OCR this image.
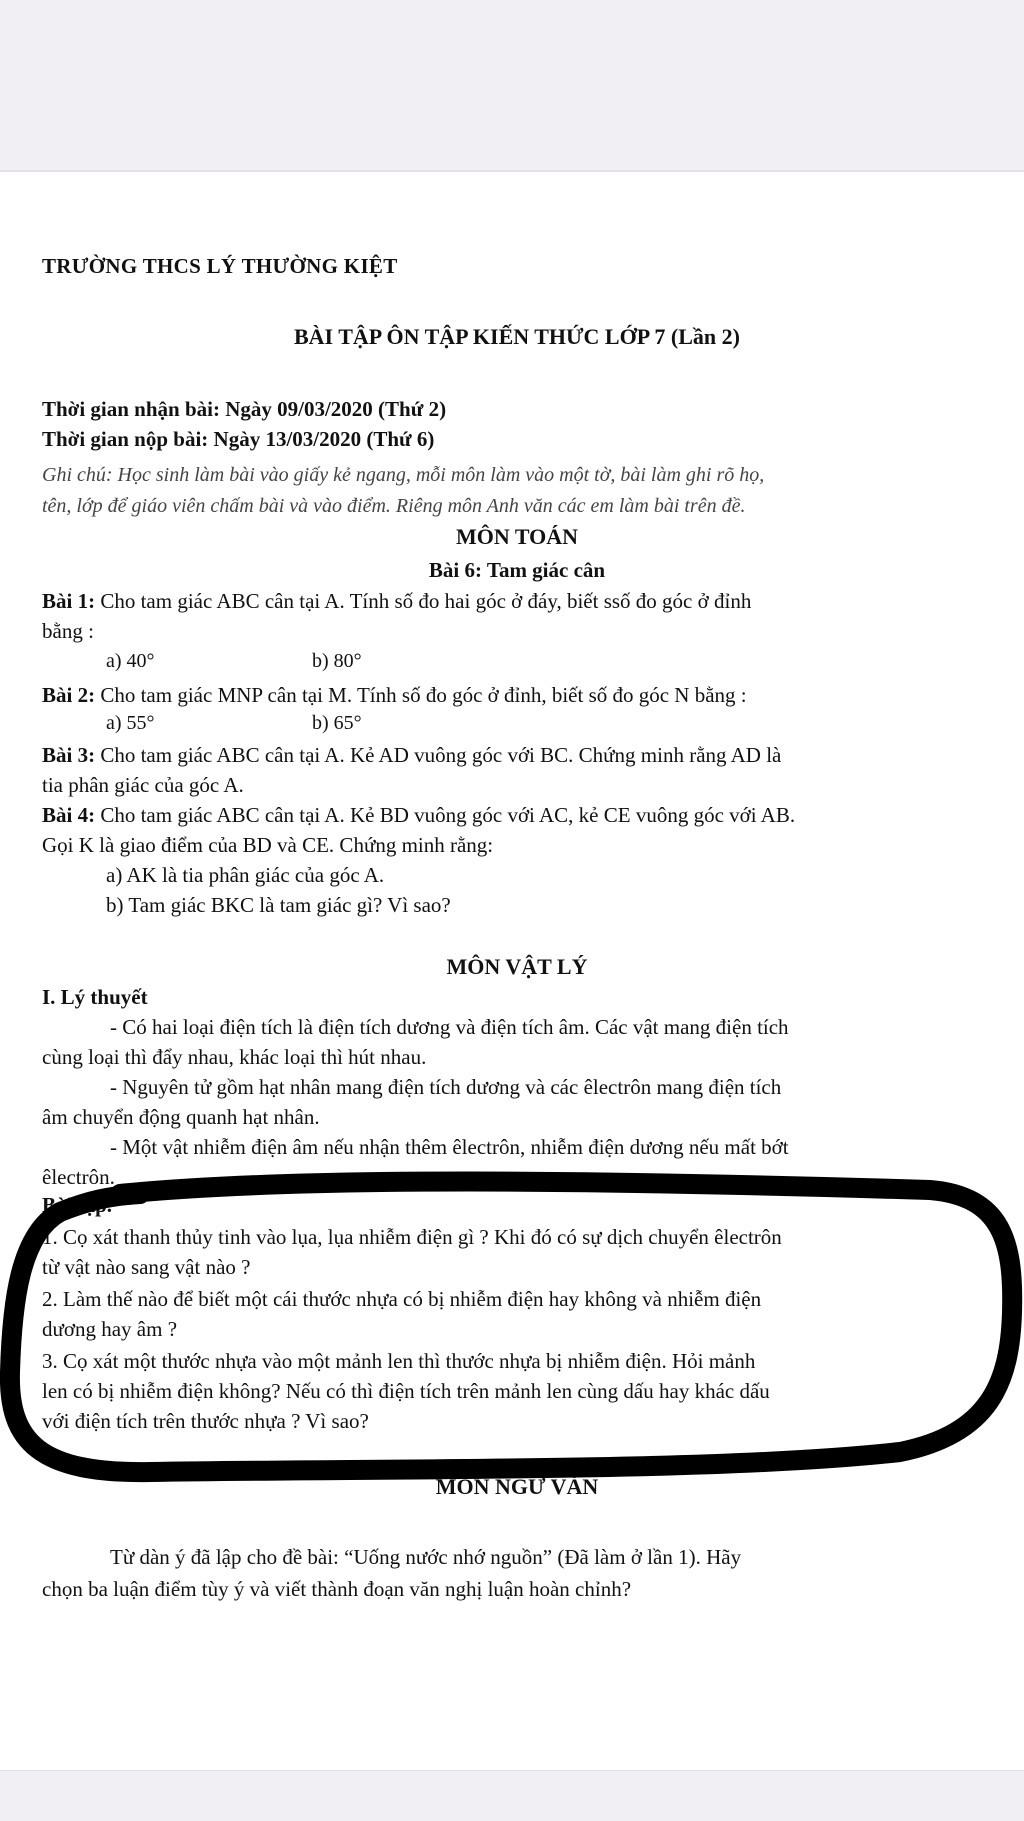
TRƯỜNG THCS LÝ THƯỜNG KIỆT
BÀI TẬP ÔN TẬP KIẾN THỨC LỚP 7 (Lần 2)
Thời gian nhận bài: Ngày 09/03/2020 (Thứ 2)
Thời gian nộp bài: Ngày 13/03/2020 (Thứ 6)
Ghi chú: Học sinh làm bài vào giấy kẻ ngang, mỗi môn làm vào một tờ, bài làm ghi rõ họ,
tên, lớp để giáo viên chấm bài và vào điểm. Riêng môn Anh văn các em làm bài trên đề.
MÔN TOÁN
Bài 6: Tam giác cân
Bài 1: Cho tam giác ABC cân tại A. Tính số đo hai góc ở đáy, biết ssố đo góc ở đỉnh
bằng :
a) 40°	b) 80°
Bài 2: Cho tam giác MNP cân tại M. Tính số đo góc ở đỉnh, biết số đo góc N bằng :
a) 55°	b) 65°
Bài 3: Cho tam giác ABC cân tại A. Kẻ AD vuông góc với BC. Chứng minh rằng AD là
tia phân giác của góc A.
Bài 4: Cho tam giác ABC cân tại A. Kẻ BD vuông góc với AC, kẻ CE vuông góc với AB.
Gọi K là giao điểm của BD và CE. Chứng minh rằng:
a) AK là tia phân giác của góc A.
b) Tam giác BKC là tam giác gì? Vì sao?
MÔN VẬT LÝ
I. Lý thuyết
- Có hai loại điện tích là điện tích dương và điện tích âm. Các vật mang điện tích
cùng loại thì đẩy nhau, khác loại thì hút nhau.
- Nguyên tử gồm hạt nhân mang điện tích dương và các êlectrôn mang điện tích
âm chuyển động quanh hạt nhân.
- Một vật nhiễm điện âm nếu nhận thêm êlectrôn, nhiễm điện dương nếu mất bớt
êlectrôn.
Bài tập.
1. Cọ xát thanh thủy tinh vào lụa, lụa nhiễm điện gì ? Khi đó có sự dịch chuyển êlectrôn
từ vật nào sang vật nào ?
2. Làm thế nào để biết một cái thước nhựa có bị nhiễm điện hay không và nhiễm điện
dương hay âm ?
3. Cọ xát một thước nhựa vào một mảnh len thì thước nhựa bị nhiễm điện. Hỏi mảnh
len có bị nhiễm điện không? Nếu có thì điện tích trên mảnh len cùng dấu hay khác dấu
với điện tích trên thước nhựa ? Vì sao?
MÔN NGỮ VĂN
Từ dàn ý đã lập cho đề bài: “Uống nước nhớ nguồn” (Đã làm ở lần 1). Hãy
chọn ba luận điểm tùy ý và viết thành đoạn văn nghị luận hoàn chỉnh?
